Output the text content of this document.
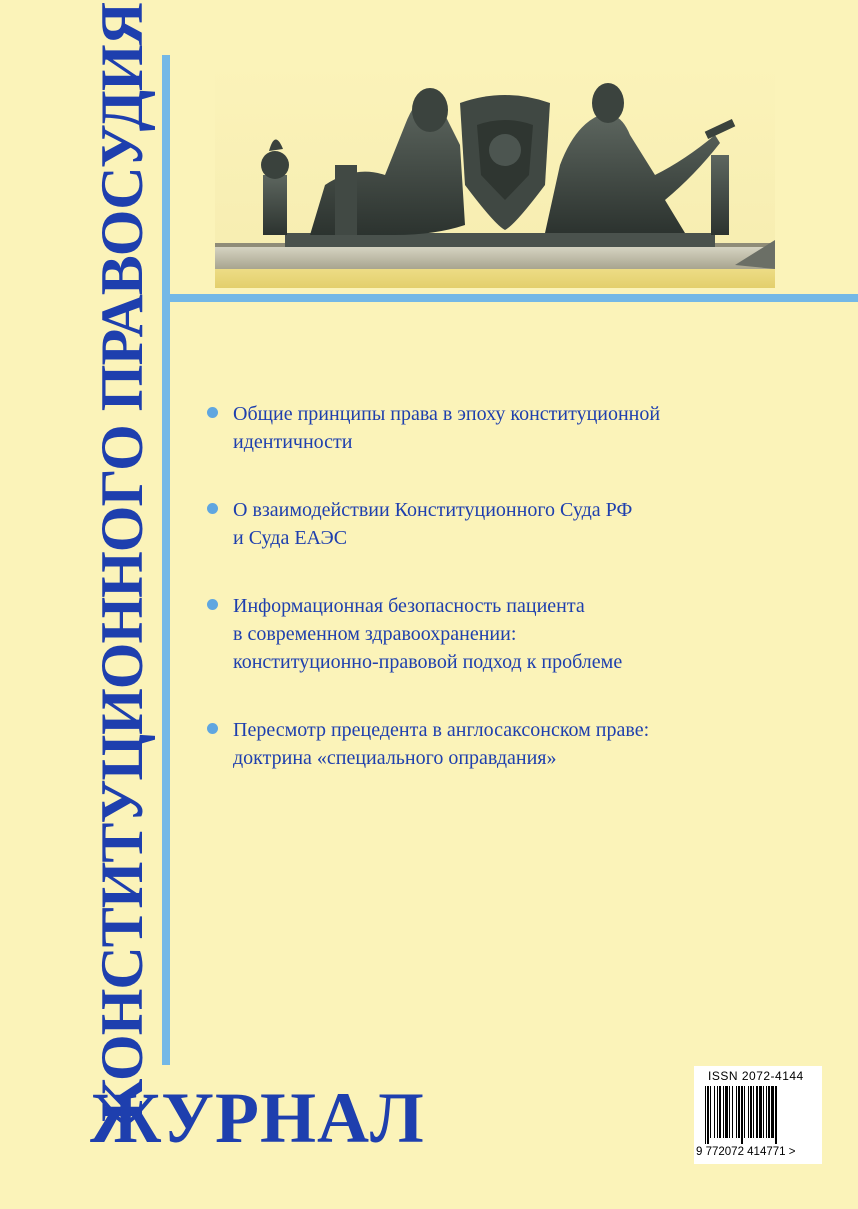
КОНСТИТУЦИОННОГО ПРАВОСУДИЯ
ЖУРНАЛ
Общие принципы права в эпоху конституционной
идентичности
О взаимодействии Конституционного Суда РФ
и Суда ЕАЭС
Информационная безопасность пациента
в современном здравоохранении:
конституционно-правовой подход к проблеме
Пересмотр прецедента в англосаксонском праве:
доктрина «специального оправдания»
ISSN 2072-4144
9 772072 414771 >
